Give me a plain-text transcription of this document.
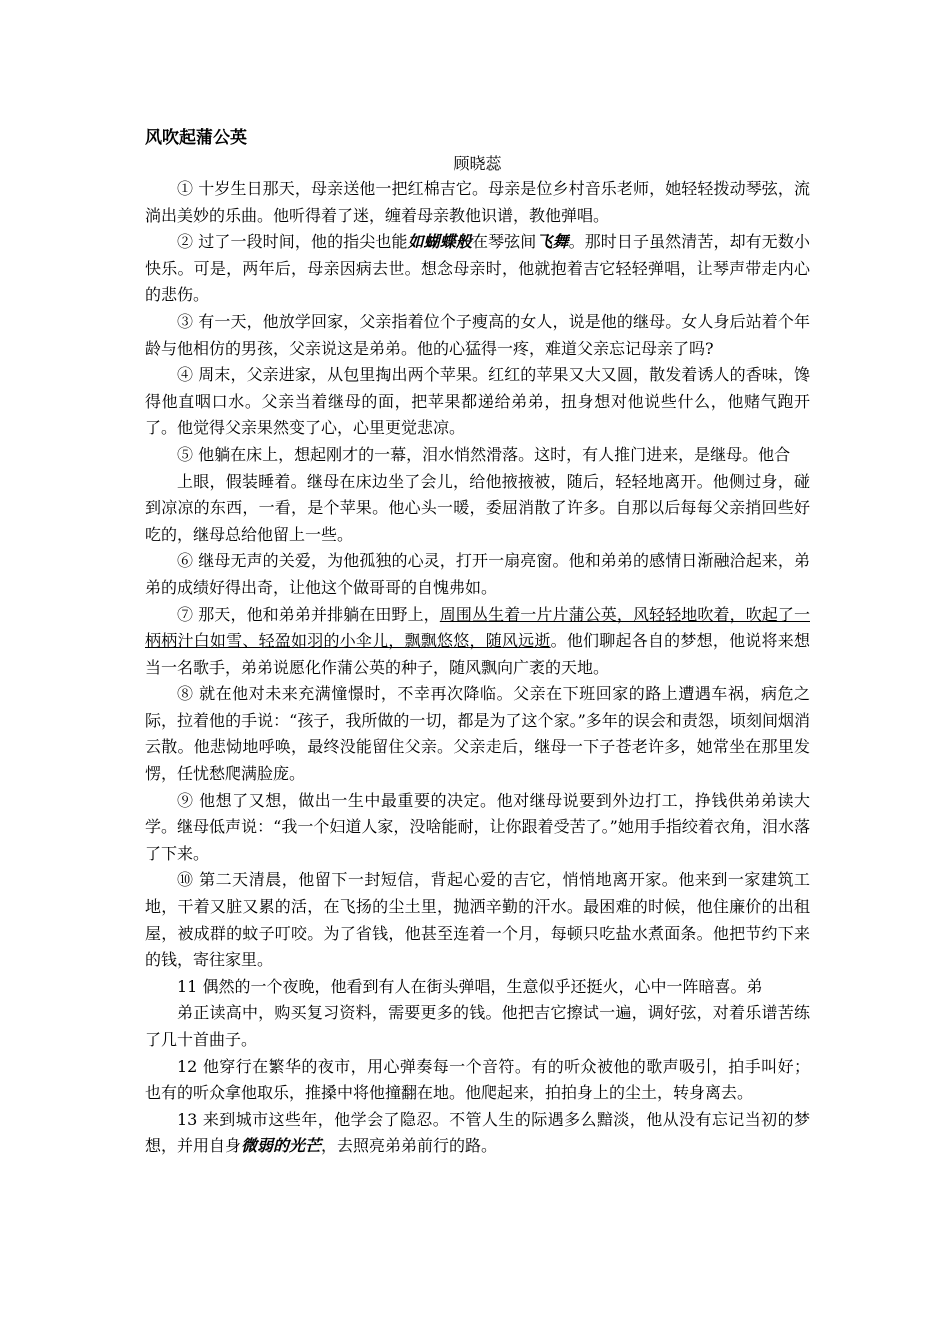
风吹起蒲公英
顾晓蕊

① 十岁生日那天，母亲送他一把红棉吉它。母亲是位乡村音乐老师，她轻轻拨动琴弦，流淌出美妙的乐曲。他听得着了迷，缠着母亲教他识谱，教他弹唱。

② 过了一段时间，他的指尖也能如蝴蝶般在琴弦间飞舞。那时日子虽然清苦，却有无数小快乐。可是，两年后，母亲因病去世。想念母亲时，他就抱着吉它轻轻弹唱，让琴声带走内心的悲伤。

③ 有一天，他放学回家，父亲指着位个子瘦高的女人，说是他的继母。女人身后站着个年龄与他相仿的男孩，父亲说这是弟弟。他的心猛得一疼，难道父亲忘记母亲了吗?

④ 周末，父亲进家，从包里掏出两个苹果。红红的苹果又大又圆，散发着诱人的香味，馋得他直咽口水。父亲当着继母的面，把苹果都递给弟弟，扭身想对他说些什么，他赌气跑开了。他觉得父亲果然变了心，心里更觉悲凉。

⑤ 他躺在床上，想起刚才的一幕，泪水悄然滑落。这时，有人推门进来，是继母。他合

上眼，假装睡着。继母在床边坐了会儿，给他掖掖被，随后，轻轻地离开。他侧过身，碰到凉凉的东西，一看，是个苹果。他心头一暖，委屈消散了许多。自那以后每每父亲捎回些好吃的，继母总给他留上一些。

⑥ 继母无声的关爱，为他孤独的心灵，打开一扇亮窗。他和弟弟的感情日渐融洽起来，弟弟的成绩好得出奇，让他这个做哥哥的自愧弗如。

⑦ 那天，他和弟弟并排躺在田野上，周围丛生着一片片蒲公英，风轻轻地吹着，吹起了一柄柄汁白如雪、轻盈如羽的小伞儿，飘飘悠悠，随风远逝。他们聊起各自的梦想，他说将来想当一名歌手，弟弟说愿化作蒲公英的种子，随风飘向广袤的天地。

⑧ 就在他对未来充满憧憬时，不幸再次降临。父亲在下班回家的路上遭遇车祸，病危之际，拉着他的手说：“孩子，我所做的一切，都是为了这个家。”多年的误会和责怨，顷刻间烟消云散。他悲恸地呼唤，最终没能留住父亲。父亲走后，继母一下子苍老许多，她常坐在那里发愣，任忧愁爬满脸庞。

⑨ 他想了又想，做出一生中最重要的决定。他对继母说要到外边打工，挣钱供弟弟读大学。继母低声说：“我一个妇道人家，没啥能耐，让你跟着受苦了。”她用手指绞着衣角，泪水落了下来。

⑩ 第二天清晨，他留下一封短信，背起心爱的吉它，悄悄地离开家。他来到一家建筑工地，干着又脏又累的活，在飞扬的尘土里，抛洒辛勤的汗水。最困难的时候，他住廉价的出租屋，被成群的蚊子叮咬。为了省钱，他甚至连着一个月，每顿只吃盐水煮面条。他把节约下来的钱，寄往家里。

11 偶然的一个夜晚，他看到有人在街头弹唱，生意似乎还挺火，心中一阵暗喜。弟

弟正读高中，购买复习资料，需要更多的钱。他把吉它擦试一遍，调好弦，对着乐谱苦练了几十首曲子。

12 他穿行在繁华的夜市，用心弹奏每一个音符。有的听众被他的歌声吸引，拍手叫好；也有的听众拿他取乐，推搡中将他撞翻在地。他爬起来，拍拍身上的尘土，转身离去。

13 来到城市这些年，他学会了隐忍。不管人生的际遇多么黯淡，他从没有忘记当初的梦想，并用自身微弱的光芒，去照亮弟弟前行的路。
